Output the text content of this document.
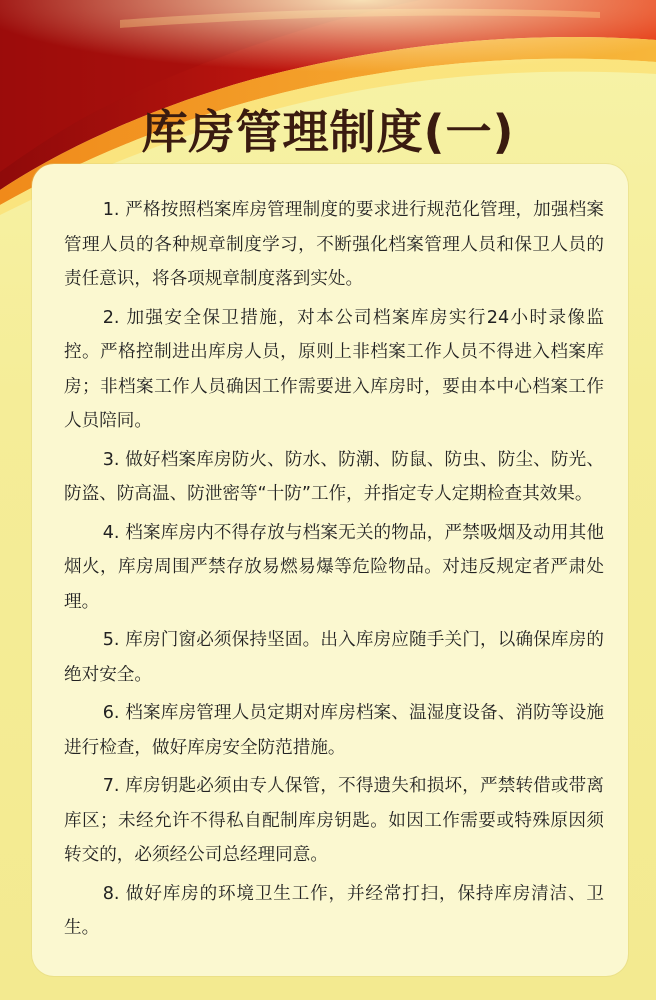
库房管理制度(一)
1. 严格按照档案库房管理制度的要求进行规范化管理，加强档案管理人员的各种规章制度学习，不断强化档案管理人员和保卫人员的责任意识，将各项规章制度落到实处。
2. 加强安全保卫措施，对本公司档案库房实行24小时录像监控。严格控制进出库房人员，原则上非档案工作人员不得进入档案库房；非档案工作人员确因工作需要进入库房时，要由本中心档案工作人员陪同。
3. 做好档案库房防火、防水、防潮、防鼠、防虫、防尘、防光、防盗、防高温、防泄密等“十防”工作，并指定专人定期检查其效果。
4. 档案库房内不得存放与档案无关的物品，严禁吸烟及动用其他烟火，库房周围严禁存放易燃易爆等危险物品。对违反规定者严肃处理。
5. 库房门窗必须保持坚固。出入库房应随手关门，以确保库房的绝对安全。
6. 档案库房管理人员定期对库房档案、温湿度设备、消防等设施进行检查，做好库房安全防范措施。
7. 库房钥匙必须由专人保管，不得遗失和损坏，严禁转借或带离库区；未经允许不得私自配制库房钥匙。如因工作需要或特殊原因须转交的，必须经公司总经理同意。
8. 做好库房的环境卫生工作，并经常打扫，保持库房清洁、卫生。
